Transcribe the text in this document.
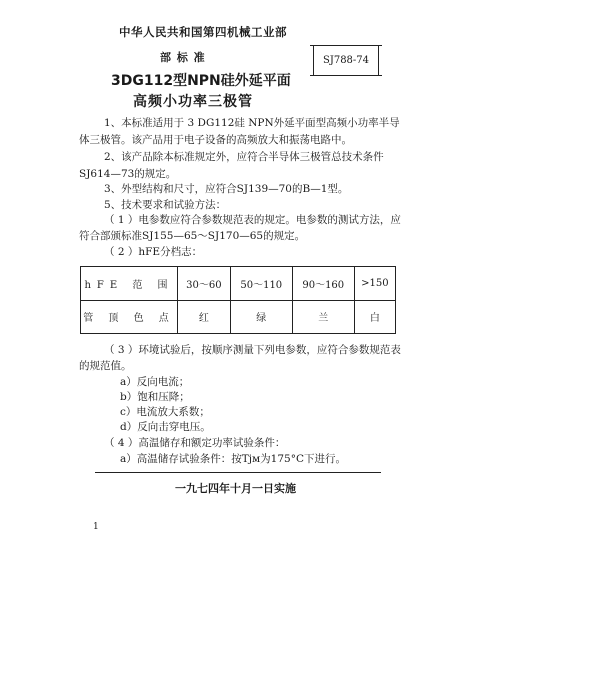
中华人民共和国第四机械工业部
部 标 准	SJ788-74
3DG112型NPN硅外延平面
高频小功率三极管
1、本标准适用于 3 DG112硅 NPN外延平面型高频小功率半导
体三极管。该产品用于电子设备的高频放大和振荡电路中。
2、该产品除本标准规定外，应符合半导体三极管总技术条件
SJ614—73的规定。
3、外型结构和尺寸，应符合SJ139—70的B—1型。
5、技术要求和试验方法：
（ 1 ）电参数应符合参数规范表的规定。电参数的测试方法，应
符合部颁标准SJ155—65～SJ170—65的规定。
（ 2 ）hFE分档志：
hFE 范 围	30～60	50～110	90～160	>150
管 顶 色 点	红	绿	兰	白
（ 3 ）环境试验后，按顺序测量下列电参数，应符合参数规范表
的规范值。
a）反向电流；
b）饱和压降；
c）电流放大系数；
d）反向击穿电压。
（ 4 ）高温储存和额定功率试验条件：
a）高温储存试验条件：按Tjм为175°C下进行。
一九七四年十月一日实施
1
